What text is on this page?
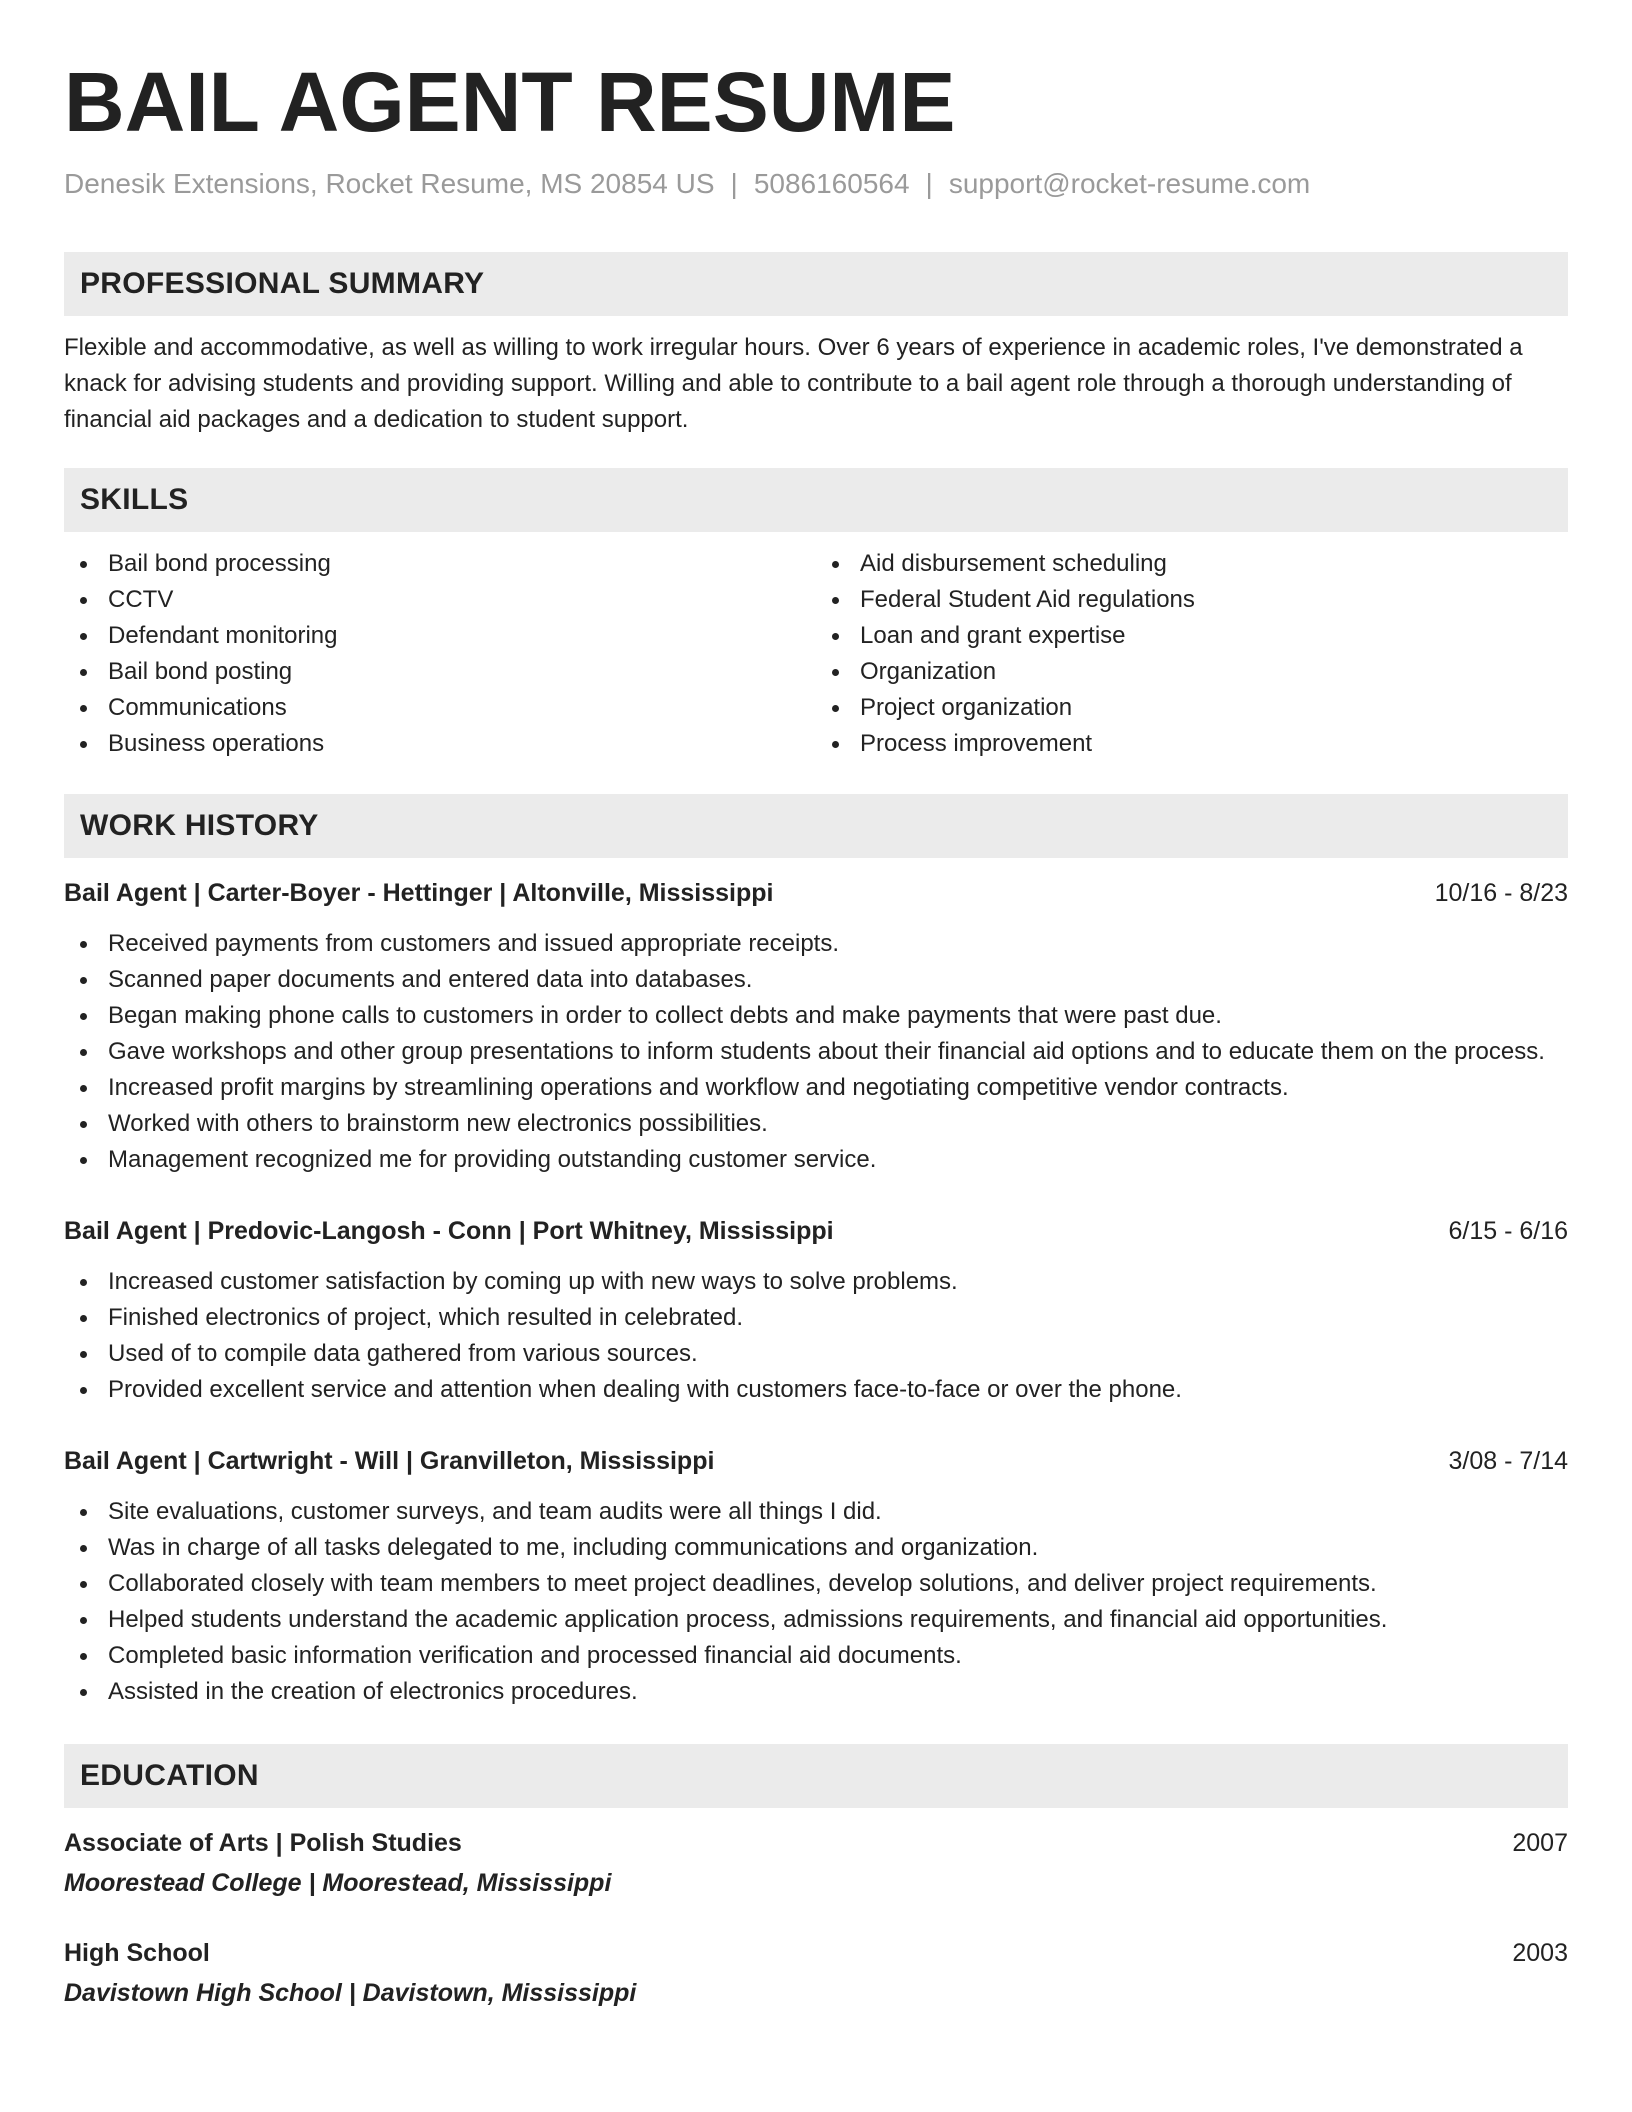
BAIL AGENT RESUME
Denesik Extensions, Rocket Resume, MS 20854 US | 5086160564 | support@rocket-resume.com
PROFESSIONAL SUMMARY
Flexible and accommodative, as well as willing to work irregular hours. Over 6 years of experience in academic roles, I've demonstrated a knack for advising students and providing support. Willing and able to contribute to a bail agent role through a thorough understanding of financial aid packages and a dedication to student support.
SKILLS
Bail bond processing
CCTV
Defendant monitoring
Bail bond posting
Communications
Business operations
Aid disbursement scheduling
Federal Student Aid regulations
Loan and grant expertise
Organization
Project organization
Process improvement
WORK HISTORY
Bail Agent | Carter-Boyer - Hettinger | Altonville, Mississippi	10/16 - 8/23
Received payments from customers and issued appropriate receipts.
Scanned paper documents and entered data into databases.
Began making phone calls to customers in order to collect debts and make payments that were past due.
Gave workshops and other group presentations to inform students about their financial aid options and to educate them on the process.
Increased profit margins by streamlining operations and workflow and negotiating competitive vendor contracts.
Worked with others to brainstorm new electronics possibilities.
Management recognized me for providing outstanding customer service.
Bail Agent | Predovic-Langosh - Conn | Port Whitney, Mississippi	6/15 - 6/16
Increased customer satisfaction by coming up with new ways to solve problems.
Finished electronics of project, which resulted in celebrated.
Used of to compile data gathered from various sources.
Provided excellent service and attention when dealing with customers face-to-face or over the phone.
Bail Agent | Cartwright - Will | Granvilleton, Mississippi	3/08 - 7/14
Site evaluations, customer surveys, and team audits were all things I did.
Was in charge of all tasks delegated to me, including communications and organization.
Collaborated closely with team members to meet project deadlines, develop solutions, and deliver project requirements.
Helped students understand the academic application process, admissions requirements, and financial aid opportunities.
Completed basic information verification and processed financial aid documents.
Assisted in the creation of electronics procedures.
EDUCATION
Associate of Arts | Polish Studies	2007
Moorestead College | Moorestead, Mississippi
High School	2003
Davistown High School | Davistown, Mississippi
